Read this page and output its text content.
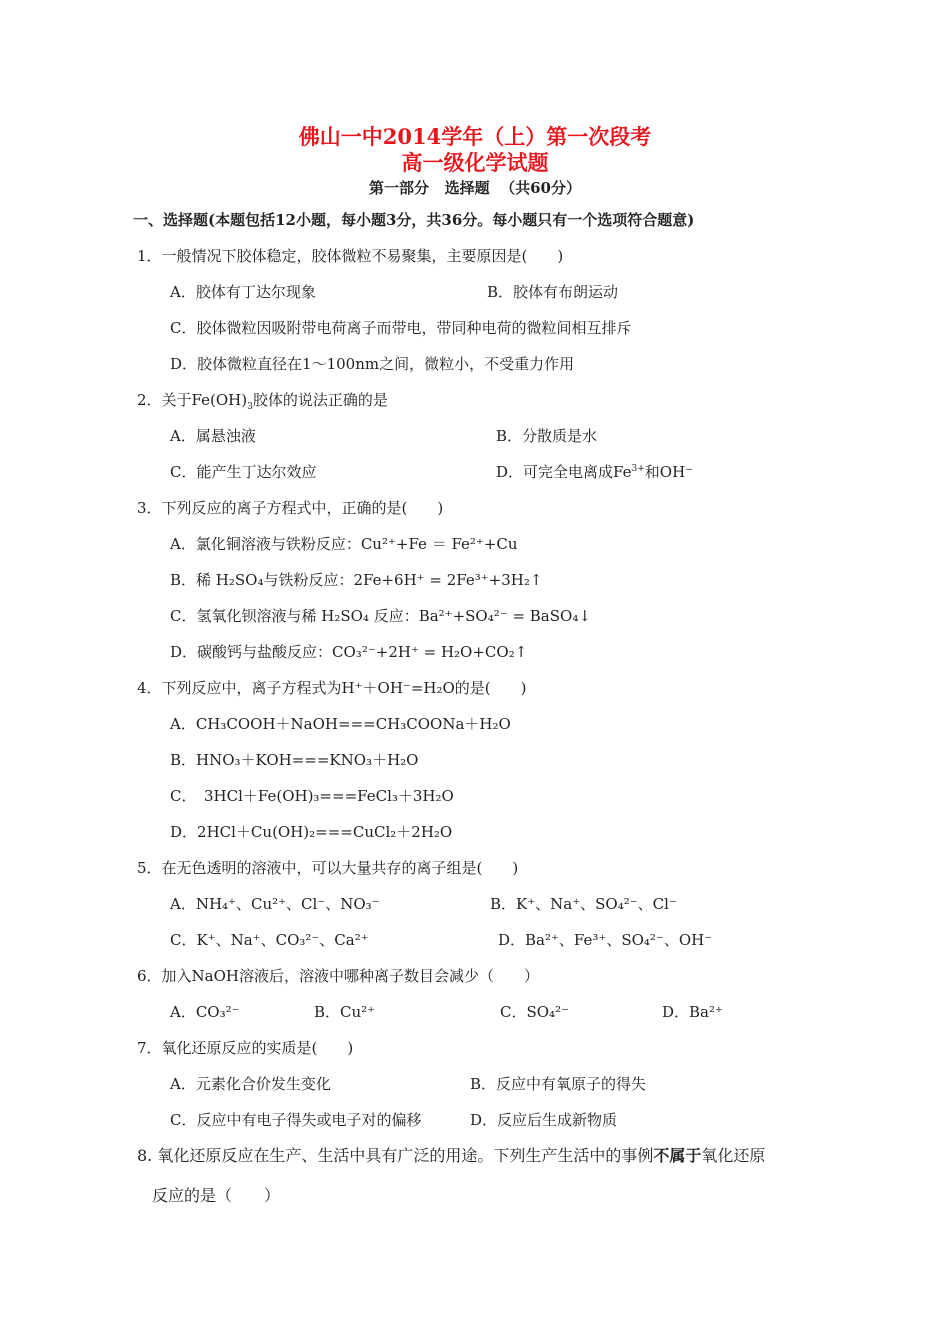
佛山一中2014学年（上）第一次段考
高一级化学试题
第一部分   选择题  （共60分）
一、选择题(本题包括12小题，每小题3分，共36分。每小题只有一个选项符合题意)
1．一般情况下胶体稳定，胶体微粒不易聚集，主要原因是(　　)
A．胶体有丁达尔现象	B．胶体有布朗运动
C．胶体微粒因吸附带电荷离子而带电，带同种电荷的微粒间相互排斥
D．胶体微粒直径在1～100nm之间，微粒小，不受重力作用
2．关于$Fe(OH)_3$胶体的说法正确的是
A．属悬浊液	B．分散质是水
C．能产生丁达尔效应	D．可完全电离成$Fe^{3+}$和OH⁻
3．下列反应的离子方程式中，正确的是(　　)
A．氯化铜溶液与铁粉反应：Cu²⁺+Fe ＝ Fe²⁺+Cu
B．稀 H₂SO₄与铁粉反应：2Fe+6H⁺ = 2Fe³⁺+3H₂↑
C．氢氧化钡溶液与稀 H₂SO₄ 反应：Ba²⁺+SO₄²⁻ = BaSO₄↓
D．碳酸钙与盐酸反应：CO₃²⁻+2H⁺ = H₂O+CO₂↑
4．下列反应中，离子方程式为H⁺＋OH⁻=H₂O的是(　　)
A．CH₃COOH＋NaOH===CH₃COONa＋H₂O
B．HNO₃＋KOH===KNO₃＋H₂O
C．　3HCl＋Fe(OH)₃===FeCl₃＋3H₂O
D．2HCl＋Cu(OH)₂===CuCl₂＋2H₂O
5．在无色透明的溶液中，可以大量共存的离子组是(　　)
A．NH₄⁺、Cu²⁺、Cl⁻、NO₃⁻	B．K⁺、Na⁺、SO₄²⁻、Cl⁻
C．K⁺、Na⁺、CO₃²⁻、Ca²⁺	D．Ba²⁺、Fe³⁺、SO₄²⁻、OH⁻
6．加入NaOH溶液后，溶液中哪种离子数目会减少（　　）
A．CO₃²⁻	B．Cu²⁺	C．SO₄²⁻	D．Ba²⁺
7．氧化还原反应的实质是(　　)
A．元素化合价发生变化	B．反应中有氧原子的得失
C．反应中有电子得失或电子对的偏移	D．反应后生成新物质
8. 氧化还原反应在生产、生活中具有广泛的用途。下列生产生活中的事例不属于氧化还原
反应的是（　　）
